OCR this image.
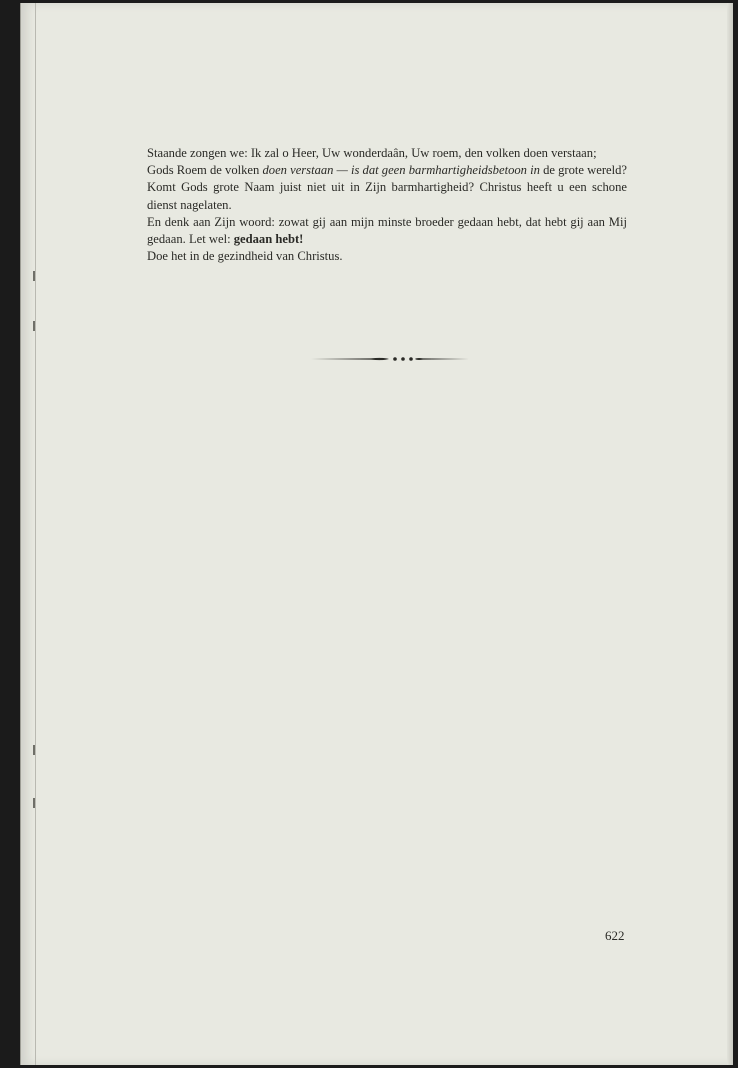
Staande zongen we: Ik zal o Heer, Uw wonderdaân, Uw roem, den volken doen verstaan;

Gods Roem de volken doen verstaan — is dat geen barmhartigheidsbetoon in de grote wereld? Komt Gods grote Naam juist niet uit in Zijn barmhartigheid? Christus heeft u een schone dienst nagelaten.

En denk aan Zijn woord: zowat gij aan mijn minste broeder gedaan hebt, dat hebt gij aan Mij gedaan. Let wel: gedaan hebt!

Doe het in de gezindheid van Christus.

622
